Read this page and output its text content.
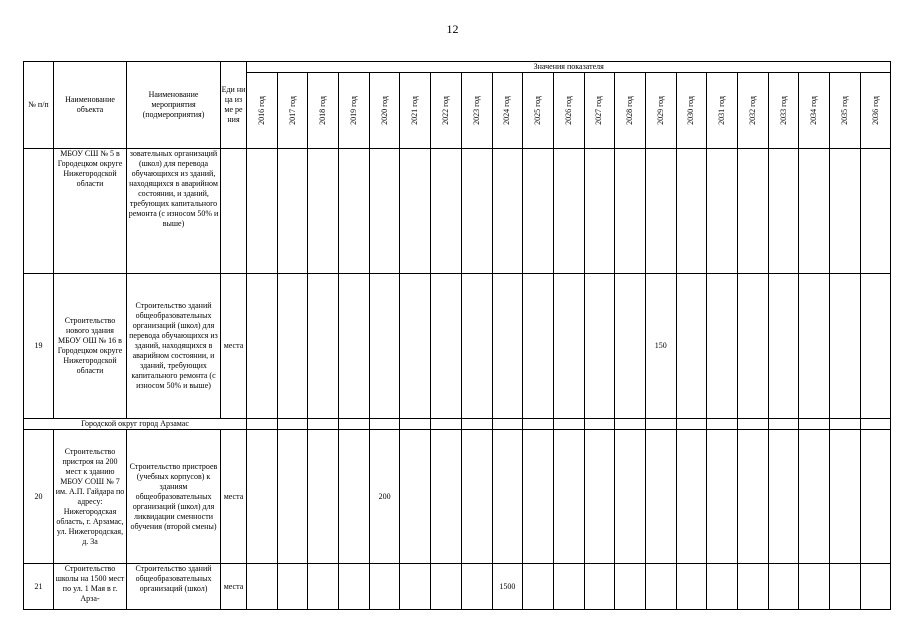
12
№ п/п	Наименование объекта	Наименование мероприятия (подмероприятия)	Еди ни ца из ме ре ния	Значения показателя																				

				2016 год	2017 год	2018 год	2019 год	2020 год	2021 год	2022 год	2023 год	2024 год	2025 год	2026 год	2027 год	2028 год	2029 год	2030 год	2031 год	2032 год	2033 год	2034 год	2035 год	2036 год

	МБОУ СШ № 5 в Городецком округе Нижегородской области	зовательных организаций (школ) для перевода обучающихся из зданий, находящихся в аварийном состоянии, и зданий, требующих капитального ремонта (с износом 50% и выше)																						
19	Строительство нового здания МБОУ ОШ № 16 в Городецком округе Нижегородской области	Строительство зданий общеобразовательных организаций (школ) для перевода обучающихся из зданий, находящихся в аварийном состоянии, и зданий, требующих капитального ремонта (с износом 50% и выше)	места														150							
Городской округ город Арзамас																								
20	Строительство пристроя на 200 мест к зданию МБОУ СОШ № 7 им. А.П. Гайдара по адресу: Нижегородская область, г. Арзамас, ул. Нижегородская, д. 3а	Строительство пристроев (учебных корпусов) к зданиям общеобразовательных организаций (школ) для ликвидации сменности обучения (второй смены)	места					200																
21	Строительство школы на 1500 мест по ул. 1 Мая в г. Арза-	Строительство зданий общеобразовательных организаций (школ)	места									1500												
